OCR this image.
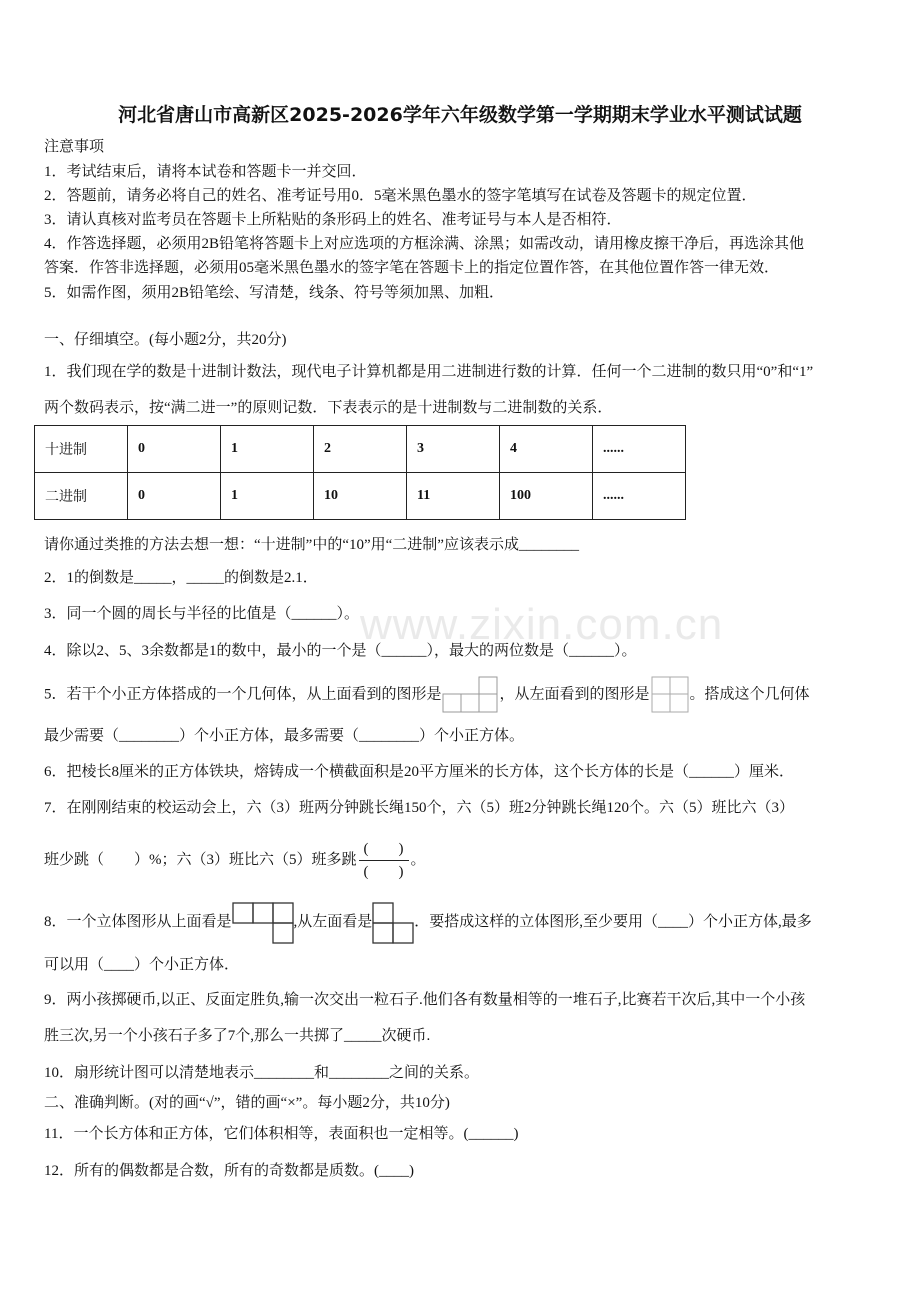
www.zixin.com.cn
河北省唐山市高新区2025-2026学年六年级数学第一学期期末学业水平测试试题
注意事项
1．考试结束后，请将本试卷和答题卡一并交回．
2．答题前，请务必将自己的姓名、准考证号用0．5毫米黑色墨水的签字笔填写在试卷及答题卡的规定位置．
3．请认真核对监考员在答题卡上所粘贴的条形码上的姓名、准考证号与本人是否相符．
4．作答选择题，必须用2B铅笔将答题卡上对应选项的方框涂满、涂黑；如需改动，请用橡皮擦干净后，再选涂其他
答案．作答非选择题，必须用05毫米黑色墨水的签字笔在答题卡上的指定位置作答，在其他位置作答一律无效．
5．如需作图，须用2B铅笔绘、写清楚，线条、符号等须加黑、加粗．
一、仔细填空。(每小题2分，共20分)
1．我们现在学的数是十进制计数法，现代电子计算机都是用二进制进行数的计算．任何一个二进制的数只用“0”和“1”
两个数码表示，按“满二进一”的原则记数．下表表示的是十进制数与二进制数的关系．
十进制	0	1	2	3	4	......
二进制	0	1	10	11	100	......
请你通过类推的方法去想一想：“十进制”中的“10”用“二进制”应该表示成________
2．1的倒数是_____，_____的倒数是2.1．
3．同一个圆的周长与半径的比值是（______）。
4．除以2、5、3余数都是1的数中，最小的一个是（______），最大的两位数是（______）。
5．若干个小正方体搭成的一个几何体，从上面看到的图形是	，从左面看到的图形是	。搭成这个几何体
最少需要（________）个小正方体，最多需要（________）个小正方体。
6．把棱长8厘米的正方体铁块，熔铸成一个横截面积是20平方厘米的长方体，这个长方体的长是（______）厘米．
7．在刚刚结束的校运动会上，六（3）班两分钟跳长绳150个，六（5）班2分钟跳长绳120个。六（5）班比六（3）
班少跳（　　）%；六（3）班比六（5）班多跳 $\frac{( )}{( )}$ 。
8．一个立体图形从上面看是	,从左面看是	．要搭成这样的立体图形,至少要用（____）个小正方体,最多
可以用（____）个小正方体．
9．两小孩掷硬币,以正、反面定胜负,输一次交出一粒石子.他们各有数量相等的一堆石子,比赛若干次后,其中一个小孩
胜三次,另一个小孩石子多了7个,那么一共掷了_____次硬币.
10．扇形统计图可以清楚地表示________和________之间的关系。
二、准确判断。(对的画“√”，错的画“×”。每小题2分，共10分)
11．一个长方体和正方体，它们体积相等，表面积也一定相等。(______)
12．所有的偶数都是合数，所有的奇数都是质数。(____)
